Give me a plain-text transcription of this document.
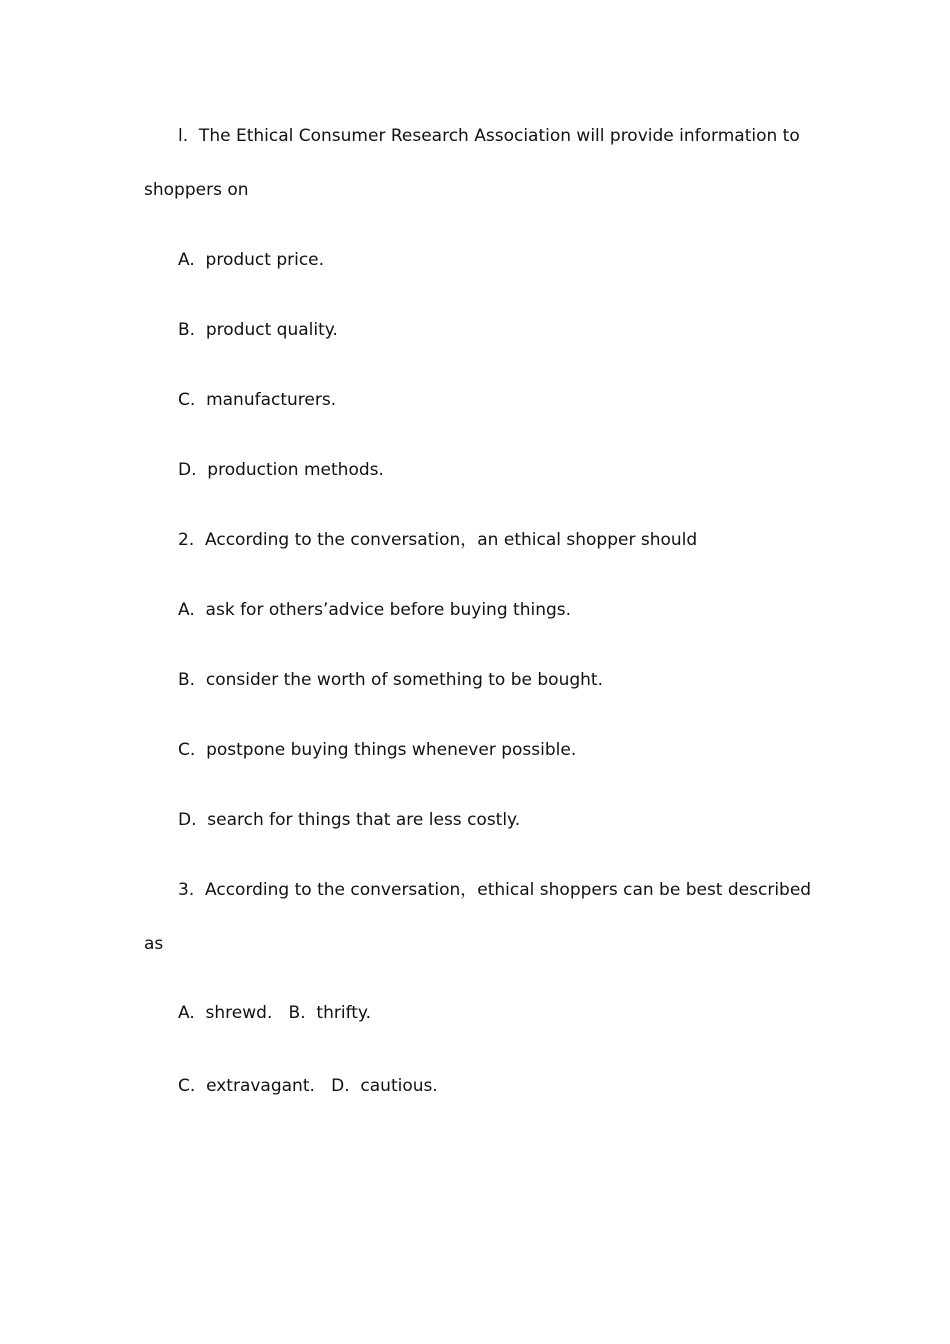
l.  The Ethical Consumer Research Association will provide information to
shoppers on
A.  product price.
B.  product quality.
C.  manufacturers.
D.  production methods.
2.  According to the conversation，an ethical shopper should
A.  ask for others’advice before buying things.
B.  consider the worth of something to be bought.
C.  postpone buying things whenever possible.
D.  search for things that are less costly.
3.  According to the conversation，ethical shoppers can be best described
as
A.  shrewd.   B.  thrifty.
C.  extravagant.   D.  cautious.
